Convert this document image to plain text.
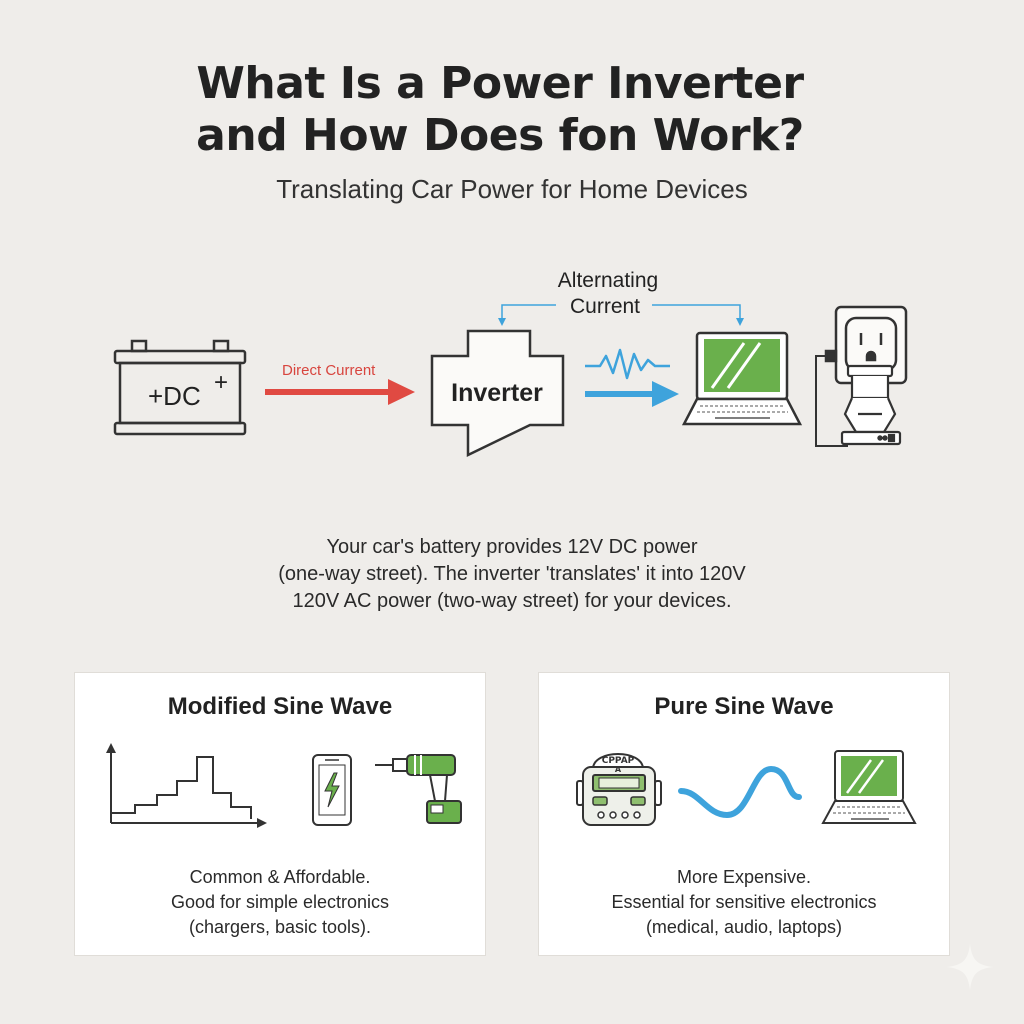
What Is a Power Inverter
and How Does fon Work?
Translating Car Power for Home Devices
+DC +	Direct Current
Inverter
Alternating
Current
Your car's battery provides 12V DC power
(one-way street). The inverter 'translates' it into 120V
120V AC power (two-way street) for your devices.
Modified Sine Wave
Common & Affordable.
Good for simple electronics
(chargers, basic tools).
Pure Sine Wave
CPPAP
A
More Expensive.
Essential for sensitive electronics
(medical, audio, laptops)
